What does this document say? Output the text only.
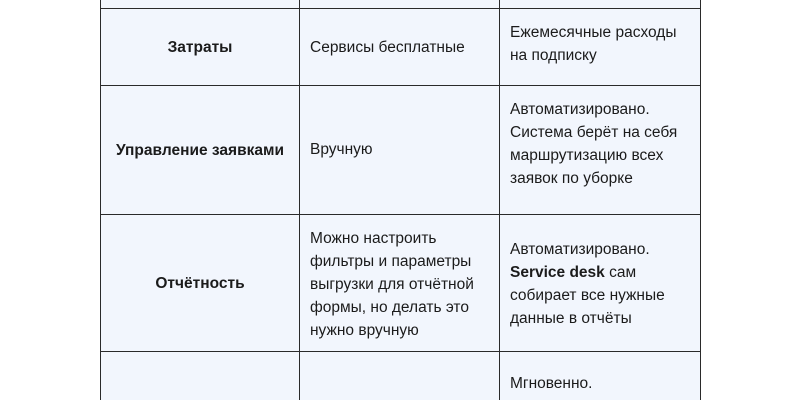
Затраты	Сервисы бесплатные	Ежемесячные расходы
на подписку

Управление заявками	Вручную	Автоматизировано.
Система берёт на себя
маршрутизацию всех
заявок по уборке

Отчётность	Можно настроить
фильтры и параметры
выгрузки для отчётной
формы, но делать это
нужно вручную	Автоматизировано.
Service desk сам
собирает все нужные
данные в отчёты

		Мгновенно.
